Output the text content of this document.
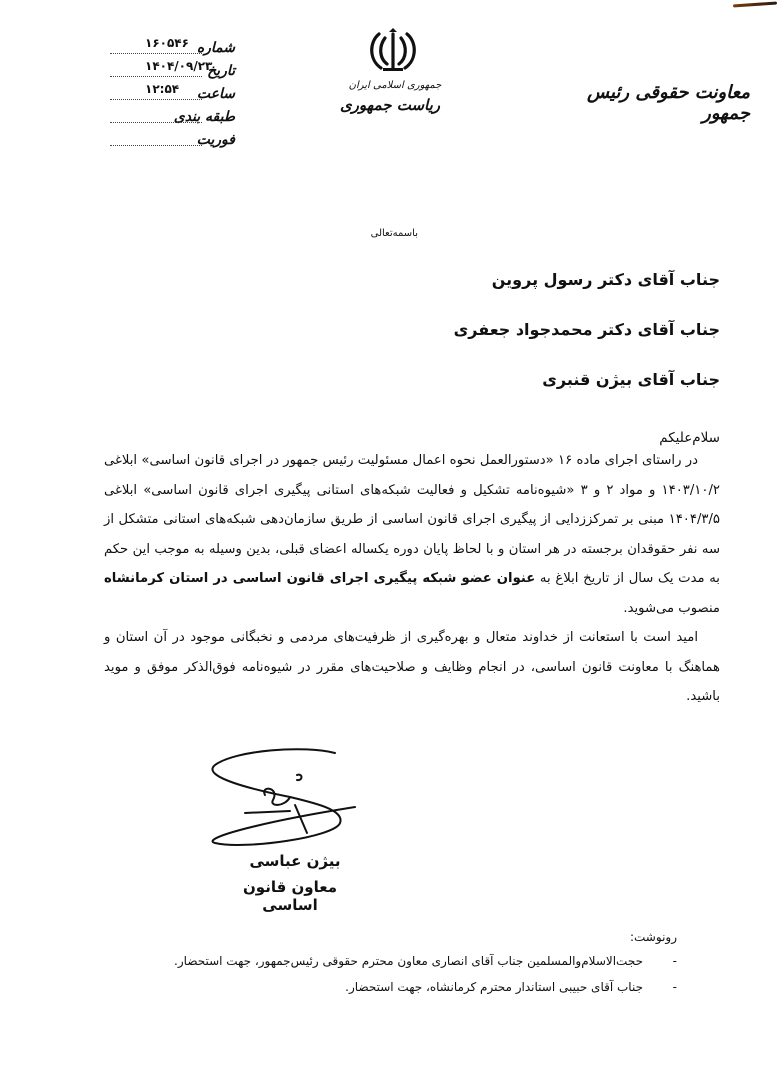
شماره
۱۶۰۵۴۶
تاریخ
۱۴۰۴/۰۹/۲۳
ساعت
۱۲:۵۴
طبقه بندی
فوریت
جمهوری اسلامی ایران
ریاست جمهوری
معاونت حقوقی رئیس جمهور
باسمه‌تعالی
جناب آقای دکتر رسول پروین
جناب آقای دکتر محمدجواد جعفری
جناب آقای بیژن قنبری
سلام‌علیکم

در راستای اجرای ماده ۱۶ «دستورالعمل نحوه اعمال مسئولیت رئیس جمهور در اجرای قانون اساسی» ابلاغی ۱۴۰۳/۱۰/۲ و مواد ۲ و ۳ «شیوه‌نامه تشکیل و فعالیت شبکه‌های استانی پیگیری اجرای قانون اساسی» ابلاغی ۱۴۰۴/۳/۵ مبنی بر تمرکززدایی از پیگیری اجرای قانون اساسی از طریق سازمان‌دهی شبکه‌های استانی متشکل از سه نفر حقوقدان برجسته در هر استان و با لحاظ پایان دوره یکساله اعضای قبلی، بدین وسیله به موجب این حکم به مدت یک سال از تاریخ ابلاغ به عنوان عضو شبکه پیگیری اجرای قانون اساسی در استان کرمانشاه منصوب می‌شوید.

امید است با استعانت از خداوند متعال و بهره‌گیری از ظرفیت‌های مردمی و نخبگانی موجود در آن استان و هماهنگ با معاونت قانون اساسی، در انجام وظایف و صلاحیت‌های مقرر در شیوه‌نامه فوق‌الذکر موفق و موید باشید.

بیژن عباسی
معاون قانون اساسی
رونوشت:
-حجت‌الاسلام‌والمسلمین جناب آقای انصاری معاون محترم حقوقی رئیس‌جمهور، جهت استحضار.
-جناب آقای حبیبی استاندار محترم کرمانشاه، جهت استحضار.
